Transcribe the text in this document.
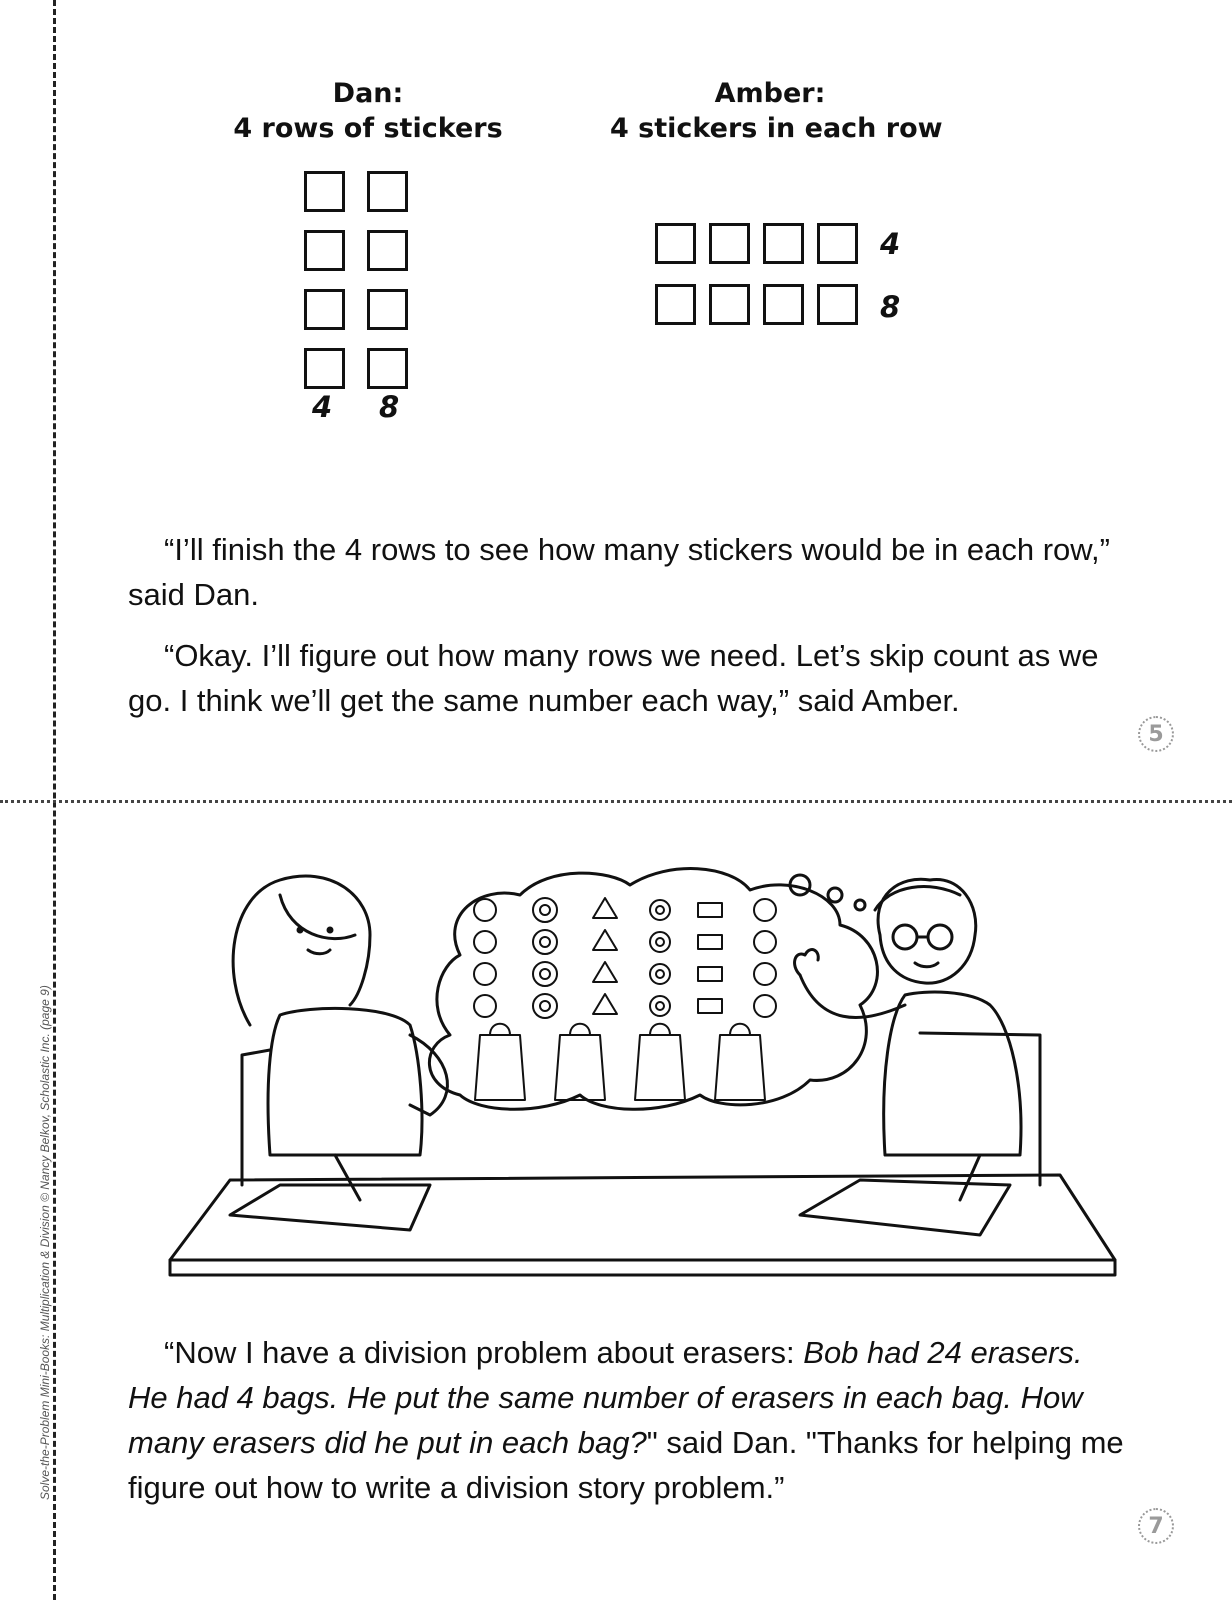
Dan:
4 rows of stickers
Amber:
4 stickers in each row
4 8
4
8

“I’ll finish the 4 rows to see how many stickers would be in each row,” said Dan.

“Okay. I’ll figure out how many rows we need. Let’s skip count as we go. I think we’ll get the same number each way,” said Amber.

5

“Now I have a division problem about erasers: Bob had 24 erasers. He had 4 bags. He put the same number of erasers in each bag. How many erasers did he put in each bag?" said Dan. "Thanks for helping me figure out how to write a division story problem.”

7
Solve-the-Problem Mini-Books: Multiplication & Division © Nancy Belkov, Scholastic Inc. (page 9)
